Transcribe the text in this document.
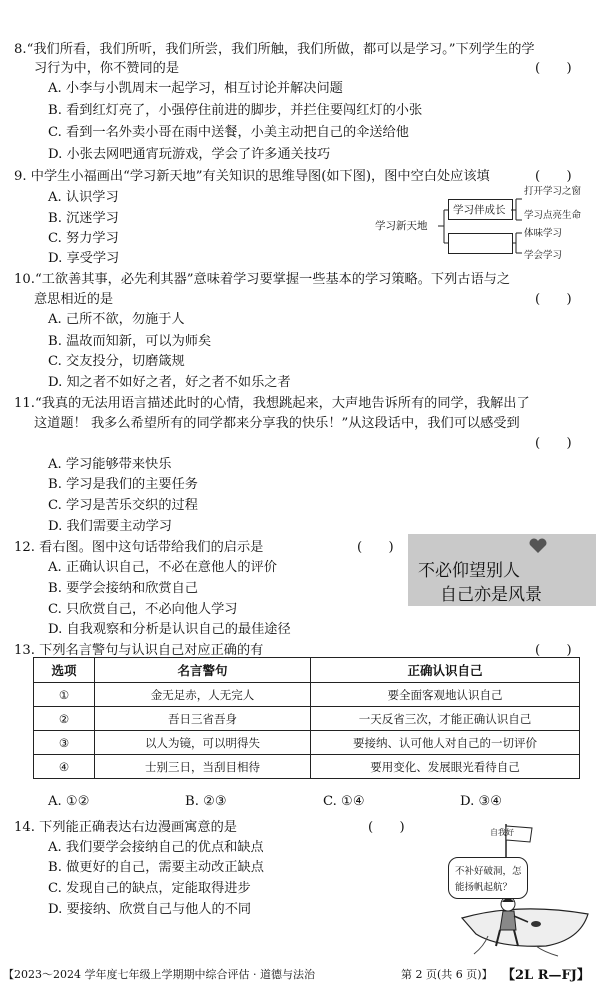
8.“我们所看，我们所听，我们所尝，我们所触，我们所做，都可以是学习。”下列学生的学
习行为中，你不赞同的是	(　　)
A. 小李与小凯周末一起学习，相互讨论并解决问题
B. 看到红灯亮了，小强停住前进的脚步，并拦住要闯红灯的小张
C. 看到一名外卖小哥在雨中送餐，小美主动把自己的伞送给他
D. 小张去网吧通宵玩游戏，学会了许多通关技巧
9. 中学生小福画出“学习新天地”有关知识的思维导图(如下图)，图中空白处应该填	(　　)
A. 认识学习
B. 沉迷学习
C. 努力学习
D. 享受学习
学习新天地
学习伴成长
打开学习之窗
学习点亮生命
体味学习
学会学习
10.“工欲善其事，必先利其器”意味着学习要掌握一些基本的学习策略。下列古语与之
意思相近的是	(　　)
A. 己所不欲，勿施于人
B. 温故而知新，可以为师矣
C. 交友投分，切磨箴规
D. 知之者不如好之者，好之者不如乐之者
11.“我真的无法用语言描述此时的心情，我想跳起来，大声地告诉所有的同学，我解出了
这道题！ 我多么希望所有的同学都来分享我的快乐！”从这段话中，我们可以感受到
(　　)
A. 学习能够带来快乐
B. 学习是我们的主要任务
C. 学习是苦乐交织的过程
D. 我们需要主动学习
12. 看右图。图中这句话带给我们的启示是	(　　)
A. 正确认识自己，不必在意他人的评价
B. 要学会接纳和欣赏自己
C. 只欣赏自己，不必向他人学习
D. 自我观察和分析是认识自己的最佳途径
不必仰望别人
自己亦是风景
13. 下列名言警句与认识自己对应正确的有	(　　)
选项	名言警句	正确认识自己
①	金无足赤，人无完人	要全面客观地认识自己
②	吾日三省吾身	一天反省三次，才能正确认识自己
③	以人为镜，可以明得失	要接纳、认可他人对自己的一切评价
④	士别三日，当刮目相待	要用变化、发展眼光看待自己
A. ①②	B. ②③	C. ①④	D. ③④
14. 下列能正确表达右边漫画寓意的是	(　　)
A. 我们要学会接纳自己的优点和缺点
B. 做更好的自己，需要主动改正缺点
C. 发现自己的缺点，定能取得进步
D. 要接纳、欣赏自己与他人的不同
自我好
不补好破洞，怎
能扬帆起航？
【2023～2024 学年度七年级上学期期中综合评估 · 道德与法治	第 2 页(共 6 页)】 【2L R—FJ】
